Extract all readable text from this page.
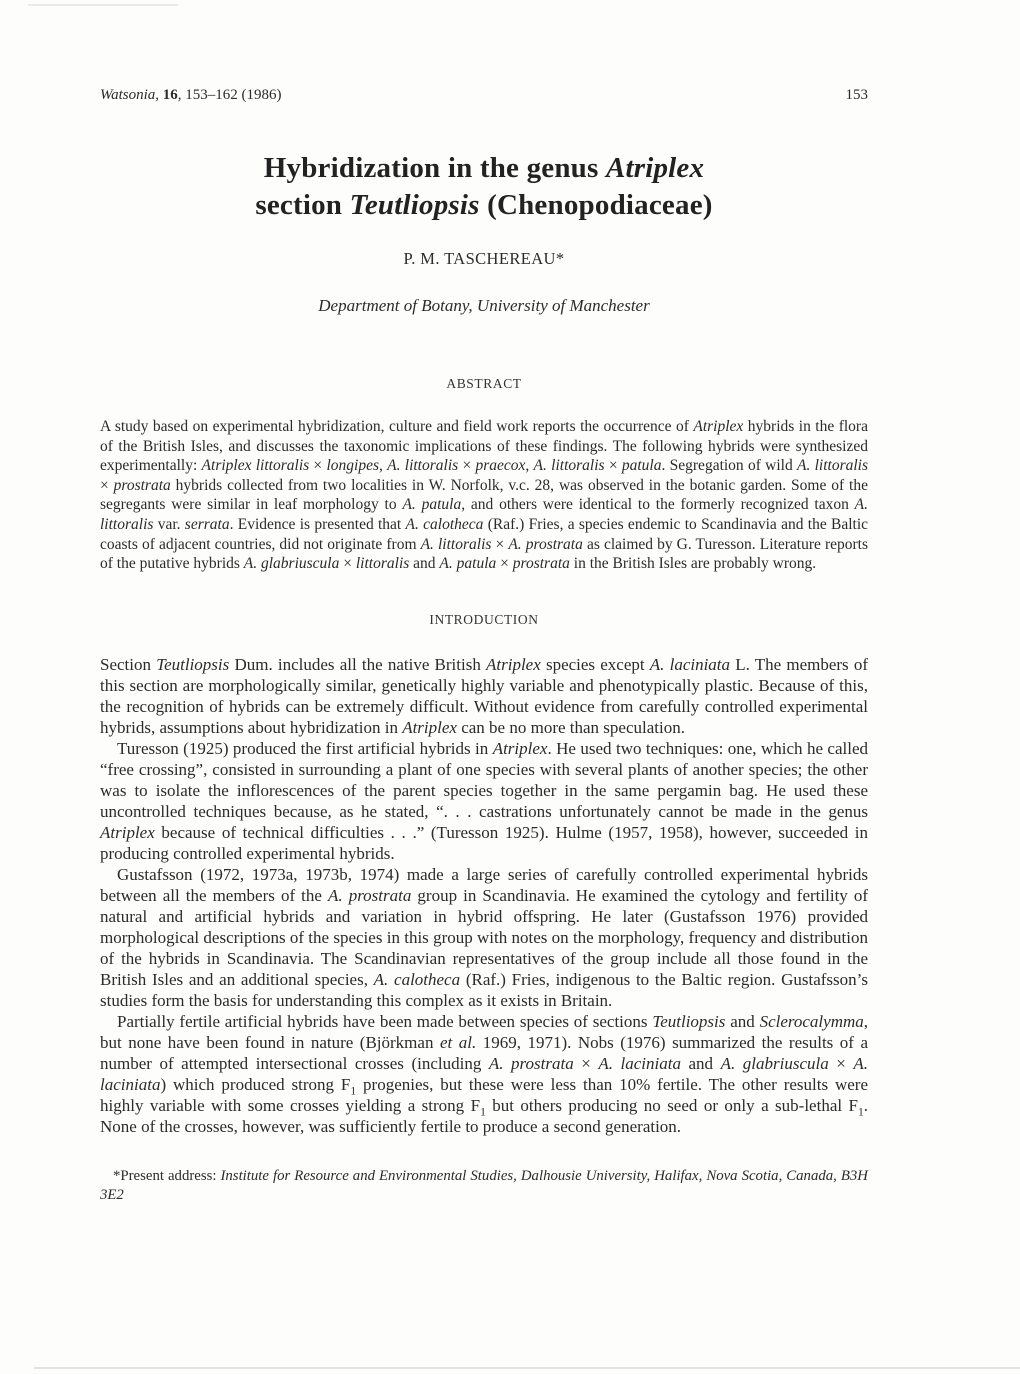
Watsonia, 16, 153–162 (1986)	153
Hybridization in the genus Atriplex
section Teutliopsis (Chenopodiaceae)
P. M. TASCHEREAU*
Department of Botany, University of Manchester
ABSTRACT

A study based on experimental hybridization, culture and field work reports the occurrence of Atriplex hybrids in the flora of the British Isles, and discusses the taxonomic implications of these findings. The following hybrids were synthesized experimentally: Atriplex littoralis × longipes, A. littoralis × praecox, A. littoralis × patula. Segregation of wild A. littoralis × prostrata hybrids collected from two localities in W. Norfolk, v.c. 28, was observed in the botanic garden. Some of the segregants were similar in leaf morphology to A. patula, and others were identical to the formerly recognized taxon A. littoralis var. serrata. Evidence is presented that A. calotheca (Raf.) Fries, a species endemic to Scandinavia and the Baltic coasts of adjacent countries, did not originate from A. littoralis × A. prostrata as claimed by G. Turesson. Literature reports of the putative hybrids A. glabriuscula × littoralis and A. patula × prostrata in the British Isles are probably wrong.

INTRODUCTION

Section Teutliopsis Dum. includes all the native British Atriplex species except A. laciniata L. The members of this section are morphologically similar, genetically highly variable and phenotypically plastic. Because of this, the recognition of hybrids can be extremely difficult. Without evidence from carefully controlled experimental hybrids, assumptions about hybridization in Atriplex can be no more than speculation.

Turesson (1925) produced the first artificial hybrids in Atriplex. He used two techniques: one, which he called “free crossing”, consisted in surrounding a plant of one species with several plants of another species; the other was to isolate the inflorescences of the parent species together in the same pergamin bag. He used these uncontrolled techniques because, as he stated, “. . . castrations unfortunately cannot be made in the genus Atriplex because of technical difficulties . . .” (Turesson 1925). Hulme (1957, 1958), however, succeeded in producing controlled experimental hybrids.

Gustafsson (1972, 1973a, 1973b, 1974) made a large series of carefully controlled experimental hybrids between all the members of the A. prostrata group in Scandinavia. He examined the cytology and fertility of natural and artificial hybrids and variation in hybrid offspring. He later (Gustafsson 1976) provided morphological descriptions of the species in this group with notes on the morphology, frequency and distribution of the hybrids in Scandinavia. The Scandinavian representatives of the group include all those found in the British Isles and an additional species, A. calotheca (Raf.) Fries, indigenous to the Baltic region. Gustafsson’s studies form the basis for understanding this complex as it exists in Britain.

Partially fertile artificial hybrids have been made between species of sections Teutliopsis and Sclerocalymma, but none have been found in nature (Björkman et al. 1969, 1971). Nobs (1976) summarized the results of a number of attempted intersectional crosses (including A. prostrata × A. laciniata and A. glabriuscula × A. laciniata) which produced strong $F_1$ progenies, but these were less than 10% fertile. The other results were highly variable with some crosses yielding a strong $F_1$ but others producing no seed or only a sub-lethal $F_1$. None of the crosses, however, was sufficiently fertile to produce a second generation.

*Present address: Institute for Resource and Environmental Studies, Dalhousie University, Halifax, Nova Scotia, Canada, B3H 3E2
